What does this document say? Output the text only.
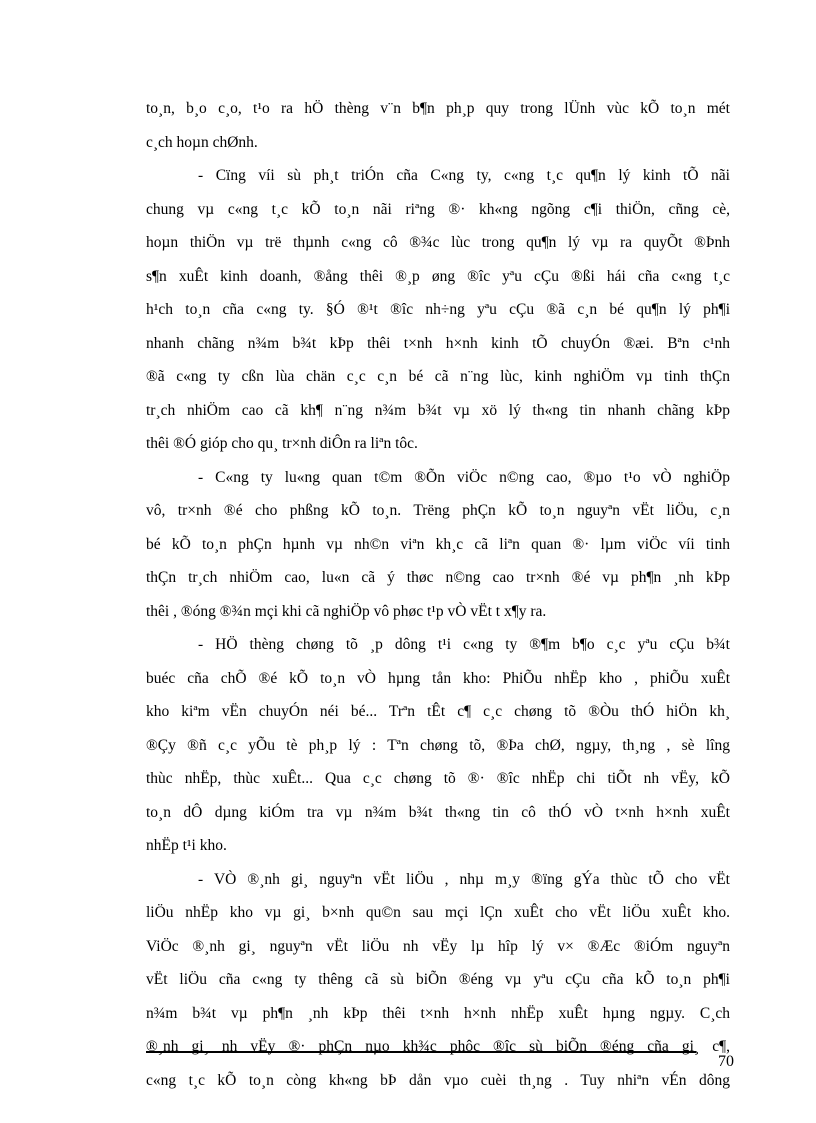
to¸n, b¸o c¸o, t¹o ra hÖ thèng v¨n b¶n ph¸p quy trong lÜnh vùc kÕ to¸n mét
c¸ch hoµn chØnh.
- Cïng víi sù ph¸t triÓn cña C«ng ty, c«ng t¸c qu¶n lý kinh tÕ nãi
chung vµ c«ng t¸c kÕ to¸n nãi riªng ®· kh«ng ngõng c¶i thiÖn, cñng cè,
hoµn thiÖn vµ trë thµnh c«ng cô ®¾c lùc trong qu¶n lý vµ ra quyÕt ®Þnh
s¶n xuÊt kinh doanh, ®ång thêi ®¸p øng ®îc yªu cÇu ®ßi hái cña c«ng t¸c
h¹ch to¸n cña c«ng ty. §Ó ®¹t ®îc nh÷ng yªu cÇu ®ã c¸n bé qu¶n lý ph¶i
nhanh chãng n¾m b¾t kÞp thêi t×nh h×nh kinh tÕ chuyÓn ®æi. Bªn c¹nh
®ã c«ng ty cßn lùa chän c¸c c¸n bé cã n¨ng lùc, kinh nghiÖm vµ tinh thÇn
tr¸ch nhiÖm cao cã kh¶ n¨ng n¾m b¾t vµ xö lý th«ng tin nhanh chãng kÞp
thêi ®Ó gióp cho qu¸ tr×nh diÔn ra liªn tôc.
- C«ng ty lu«ng quan t©m ®Õn viÖc n©ng cao, ®µo t¹o vÒ nghiÖp
vô, tr×nh ®é cho phßng kÕ to¸n. Trëng phÇn kÕ to¸n nguyªn vËt liÖu, c¸n
bé kÕ to¸n phÇn hµnh vµ nh©n viªn kh¸c cã liªn quan ®· lµm viÖc víi tinh
thÇn tr¸ch nhiÖm cao, lu«n cã ý thøc n©ng cao tr×nh ®é vµ ph¶n ¸nh kÞp
thêi , ®óng ®¾n mçi khi cã nghiÖp vô phøc t¹p vÒ vËt t x¶y ra.
- HÖ thèng chøng tõ ¸p dông t¹i c«ng ty ®¶m b¶o c¸c yªu cÇu b¾t
buéc cña chÕ ®é kÕ to¸n vÒ hµng tån kho: PhiÕu nhËp kho , phiÕu xuÊt
kho kiªm vËn chuyÓn néi bé... Trªn tÊt c¶ c¸c chøng tõ ®Òu thÓ hiÖn kh¸
®Çy ®ñ c¸c yÕu tè ph¸p lý : Tªn chøng tõ, ®Þa chØ, ngµy, th¸ng , sè lîng
thùc nhËp, thùc xuÊt... Qua c¸c chøng tõ ®· ®îc nhËp chi tiÕt nh vËy, kÕ
to¸n dÔ dµng kiÓm tra vµ n¾m b¾t th«ng tin cô thÓ vÒ t×nh h×nh xuÊt
nhËp t¹i kho.
- VÒ ®¸nh gi¸ nguyªn vËt liÖu , nhµ m¸y ®ïng gÝa thùc tÕ cho vËt
liÖu nhËp kho vµ gi¸ b×nh qu©n sau mçi lÇn xuÊt cho vËt liÖu xuÊt kho.
ViÖc ®¸nh gi¸ nguyªn vËt liÖu nh vËy lµ hîp lý v× ®Æc ®iÓm nguyªn
vËt liÖu cña c«ng ty thêng cã sù biÕn ®éng vµ yªu cÇu cña kÕ to¸n ph¶i
n¾m b¾t vµ ph¶n ¸nh kÞp thêi t×nh h×nh nhËp xuÊt hµng ngµy. C¸ch
®¸nh gi¸ nh vËy ®· phÇn nµo kh¾c phôc ®îc sù biÕn ®éng cña gi¸ c¶,
c«ng t¸c kÕ to¸n còng kh«ng bÞ dån vµo cuèi th¸ng . Tuy nhiªn vÉn dông
70
